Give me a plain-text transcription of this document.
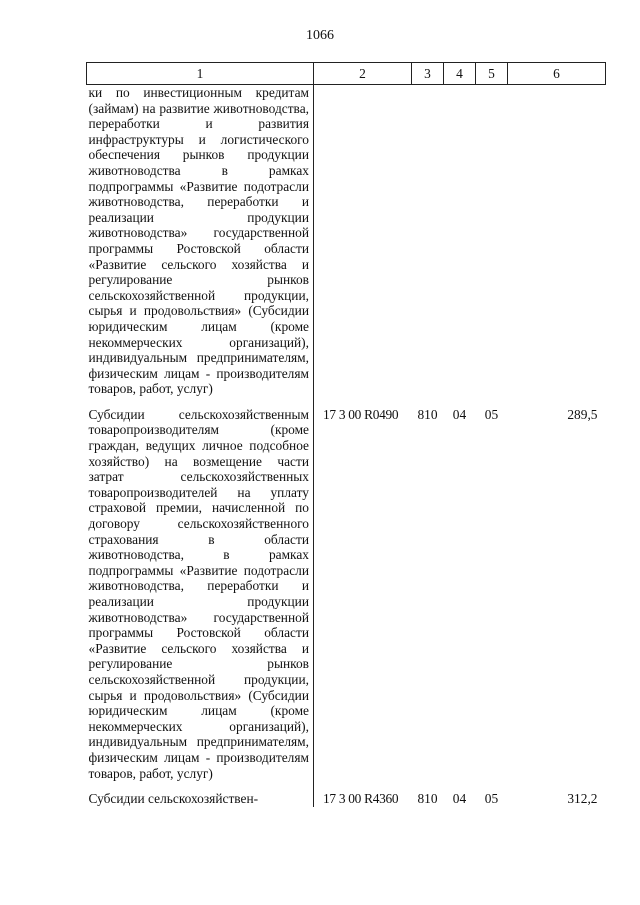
1066
1	2	3	4	5	6
ки по инвестиционным кредитам (займам) на развитие животноводства, переработки и развития инфраструктуры и логистического обеспечения рынков продукции животноводства в рамках подпрограммы «Развитие подотрасли животноводства, переработки и реализации продукции животноводства» государственной программы Ростовской области «Развитие сельского хозяйства и регулирование рынков сельскохозяйственной продукции, сырья и продовольствия» (Субсидии юридическим лицам (кроме некоммерческих организаций), индивидуальным предпринимателям, физическим лицам - производителям товаров, работ, услуг)					
Субсидии сельскохозяйственным товаропроизводителям (кроме граждан, ведущих личное подсобное хозяйство) на возмещение части затрат сельскохозяйственных товаропроизводителей на уплату страховой премии, начисленной по договору сельскохозяйственного страхования в области животноводства, в рамках подпрограммы «Развитие подотрасли животноводства, переработки и реализации продукции животноводства» государственной программы Ростовской области «Развитие сельского хозяйства и регулирование рынков сельскохозяйственной продукции, сырья и продовольствия» (Субсидии юридическим лицам (кроме некоммерческих организаций), индивидуальным предпринимателям, физическим лицам - производителям товаров, работ, услуг)	17 3 00 R0490	810	04	05	289,5
Субсидии сельскохозяйствен-	17 3 00 R4360	810	04	05	312,2
